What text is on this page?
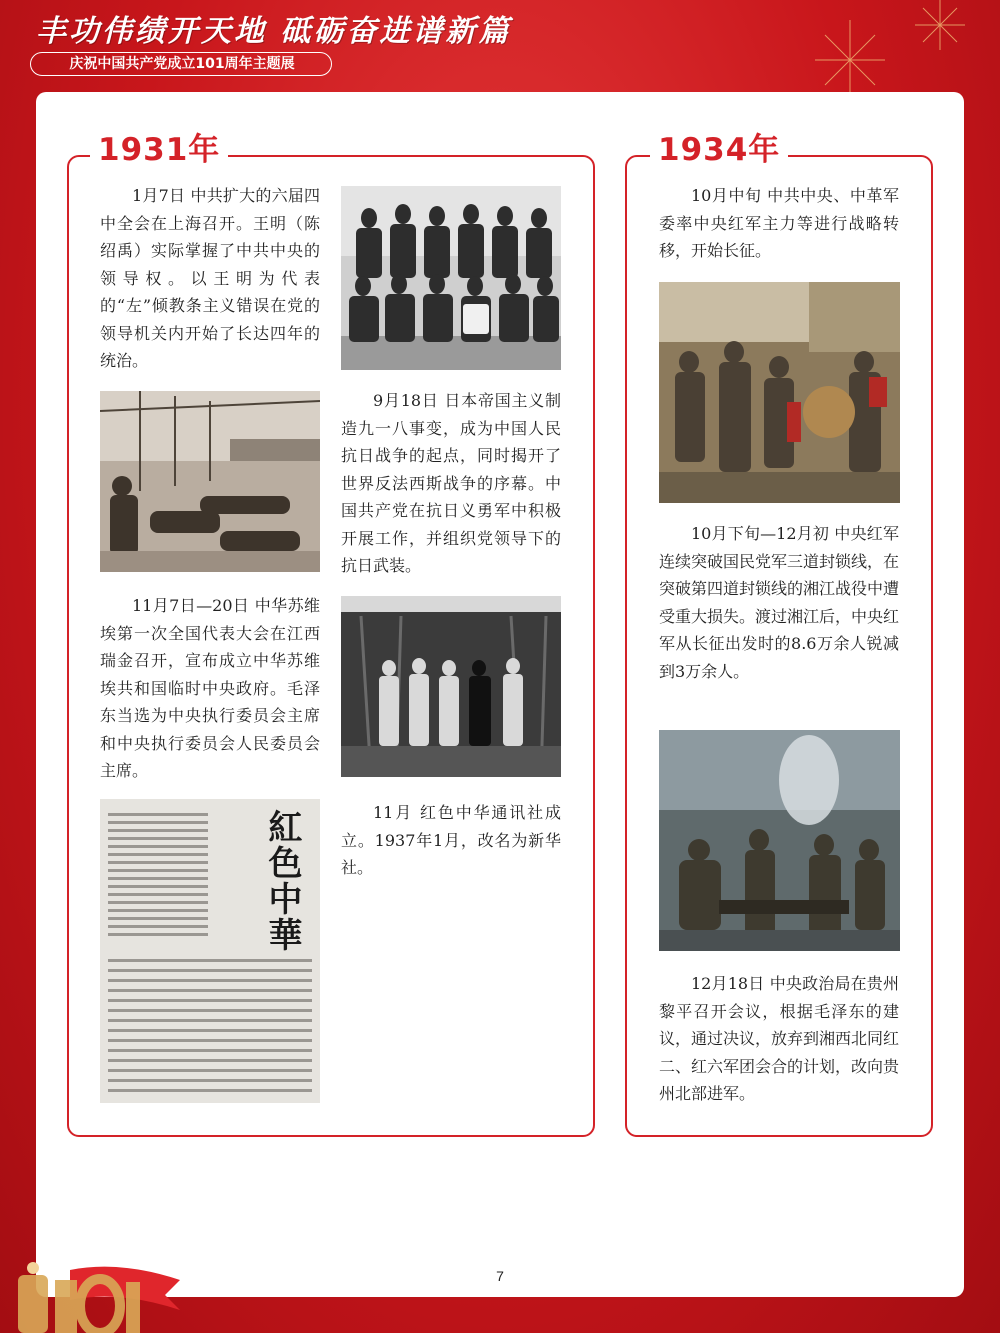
丰功伟绩开天地 砥砺奋进谱新篇
庆祝中国共产党成立101周年主题展
1931年

1月7日 中共扩大的六届四中全会在上海召开。王明（陈绍禹）实际掌握了中共中央的领导权。以王明为代表的“左”倾教条主义错误在党的领导机关内开始了长达四年的统治。

9月18日 日本帝国主义制造九一八事变，成为中国人民抗日战争的起点，同时揭开了世界反法西斯战争的序幕。中国共产党在抗日义勇军中积极开展工作，并组织党领导下的抗日武装。

11月7日—20日 中华苏维埃第一次全国代表大会在江西瑞金召开，宣布成立中华苏维埃共和国临时中央政府。毛泽东当选为中央执行委员会主席和中央执行委员会人民委员会主席。

紅色中華	11月 红色中华通讯社成立。1937年1月，改名为新华社。

1934年

10月中旬 中共中央、中革军委率中央红军主力等进行战略转移，开始长征。

10月下旬—12月初 中央红军连续突破国民党军三道封锁线，在突破第四道封锁线的湘江战役中遭受重大损失。渡过湘江后，中央红军从长征出发时的8.6万余人锐减到3万余人。

12月18日 中央政治局在贵州黎平召开会议，根据毛泽东的建议，通过决议，放弃到湘西北同红二、红六军团会合的计划，改向贵州北部进军。

7
